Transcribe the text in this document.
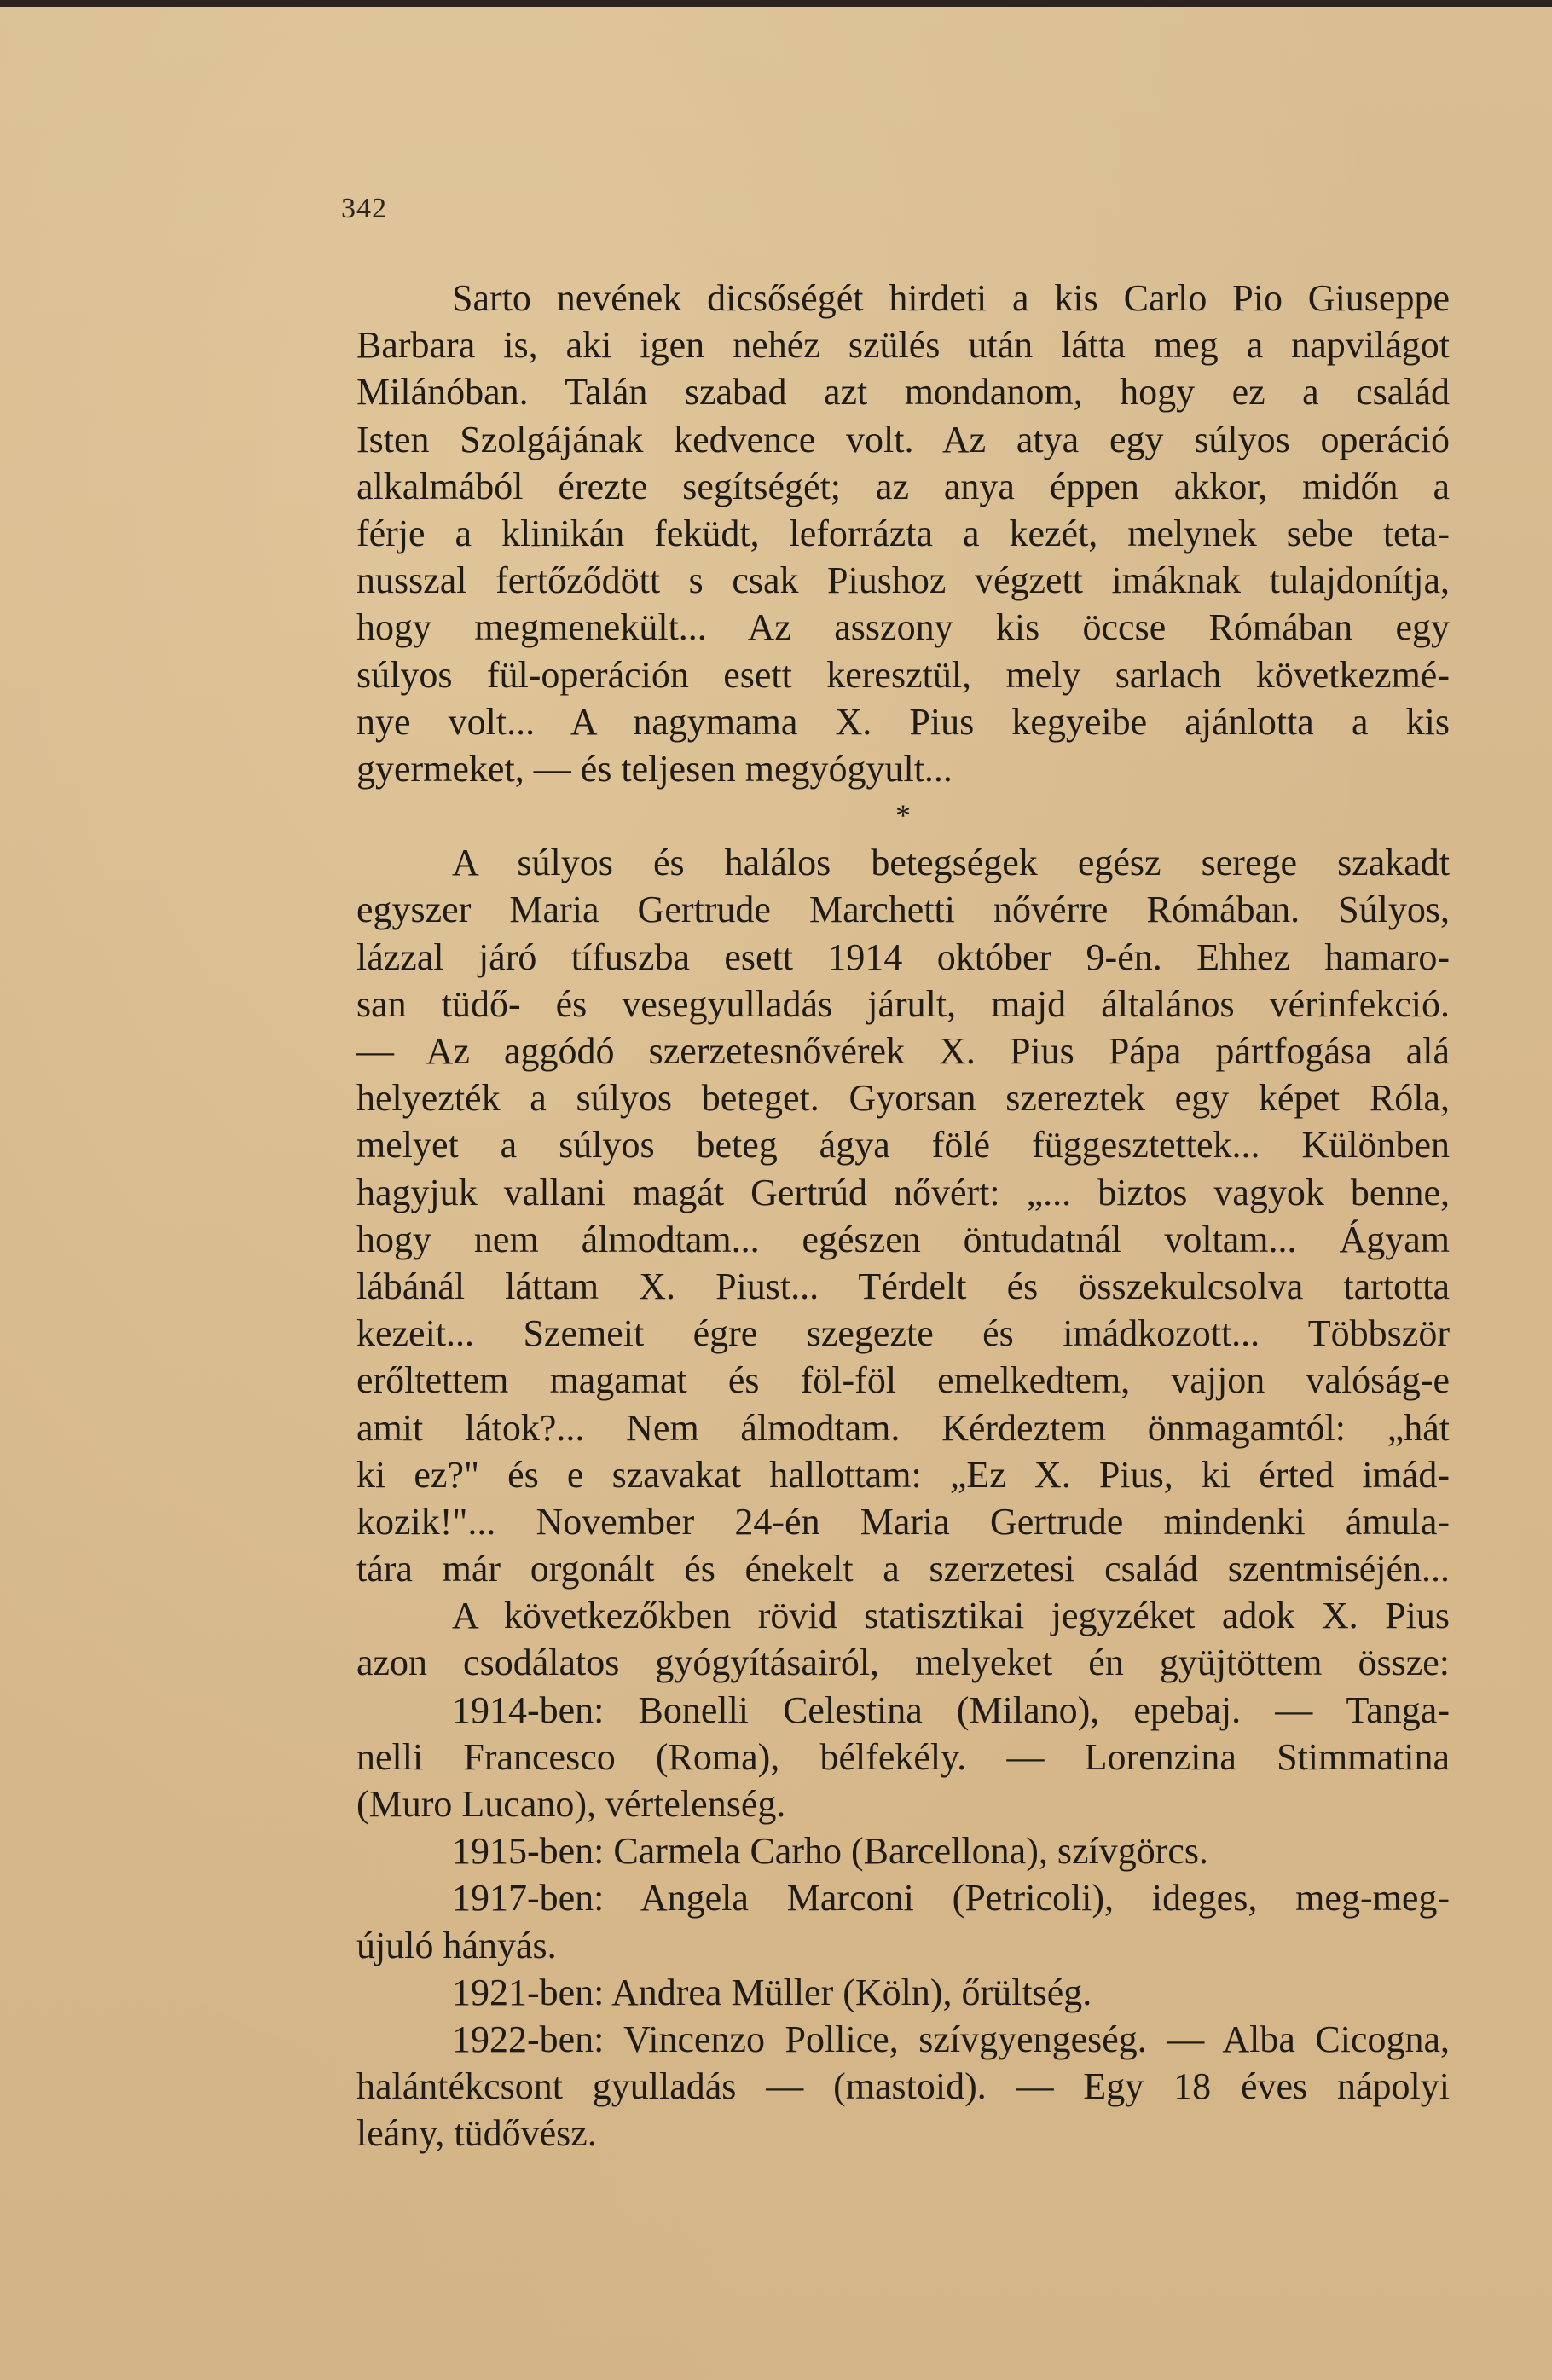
342
Sarto nevének dicsőségét hirdeti a kis Carlo Pio Giuseppe
Barbara is, aki igen nehéz szülés után látta meg a napvilágot
Milánóban. Talán szabad azt mondanom, hogy ez a család
Isten Szolgájának kedvence volt. Az atya egy súlyos operáció
alkalmából érezte segítségét; az anya éppen akkor, midőn a
férje a klinikán feküdt, leforrázta a kezét, melynek sebe teta-
nusszal fertőződött s csak Piushoz végzett imáknak tulajdonítja,
hogy megmenekült... Az asszony kis öccse Rómában egy
súlyos fül-operáción esett keresztül, mely sarlach következmé-
nye volt... A nagymama X. Pius kegyeibe ajánlotta a kis
gyermeket, — és teljesen megyógyult...
*
A súlyos és halálos betegségek egész serege szakadt
egyszer Maria Gertrude Marchetti nővérre Rómában. Súlyos,
lázzal járó tífuszba esett 1914 október 9-én. Ehhez hamaro-
san tüdő- és vesegyulladás járult, majd általános vérinfekció.
— Az aggódó szerzetesnővérek X. Pius Pápa pártfogása alá
helyezték a súlyos beteget. Gyorsan szereztek egy képet Róla,
melyet a súlyos beteg ágya fölé függesztettek... Különben
hagyjuk vallani magát Gertrúd nővért: „... biztos vagyok benne,
hogy nem álmodtam... egészen öntudatnál voltam... Ágyam
lábánál láttam X. Piust... Térdelt és összekulcsolva tartotta
kezeit... Szemeit égre szegezte és imádkozott... Többször
erőltettem magamat és föl-föl emelkedtem, vajjon valóság-e
amit látok?... Nem álmodtam. Kérdeztem önmagamtól: „hát
ki ez?" és e szavakat hallottam: „Ez X. Pius, ki érted imád-
kozik!"... November 24-én Maria Gertrude mindenki ámula-
tára már orgonált és énekelt a szerzetesi család szentmiséjén...
A következőkben rövid statisztikai jegyzéket adok X. Pius
azon csodálatos gyógyításairól, melyeket én gyüjtöttem össze:
1914-ben: Bonelli Celestina (Milano), epebaj. — Tanga-
nelli Francesco (Roma), bélfekély. — Lorenzina Stimmatina
(Muro Lucano), vértelenség.
1915-ben: Carmela Carho (Barcellona), szívgörcs.
1917-ben: Angela Marconi (Petricoli), ideges, meg-meg-
újuló hányás.
1921-ben: Andrea Müller (Köln), őrültség.
1922-ben: Vincenzo Pollice, szívgyengeség. — Alba Cicogna,
halántékcsont gyulladás — (mastoid). — Egy 18 éves nápolyi
leány, tüdővész.
